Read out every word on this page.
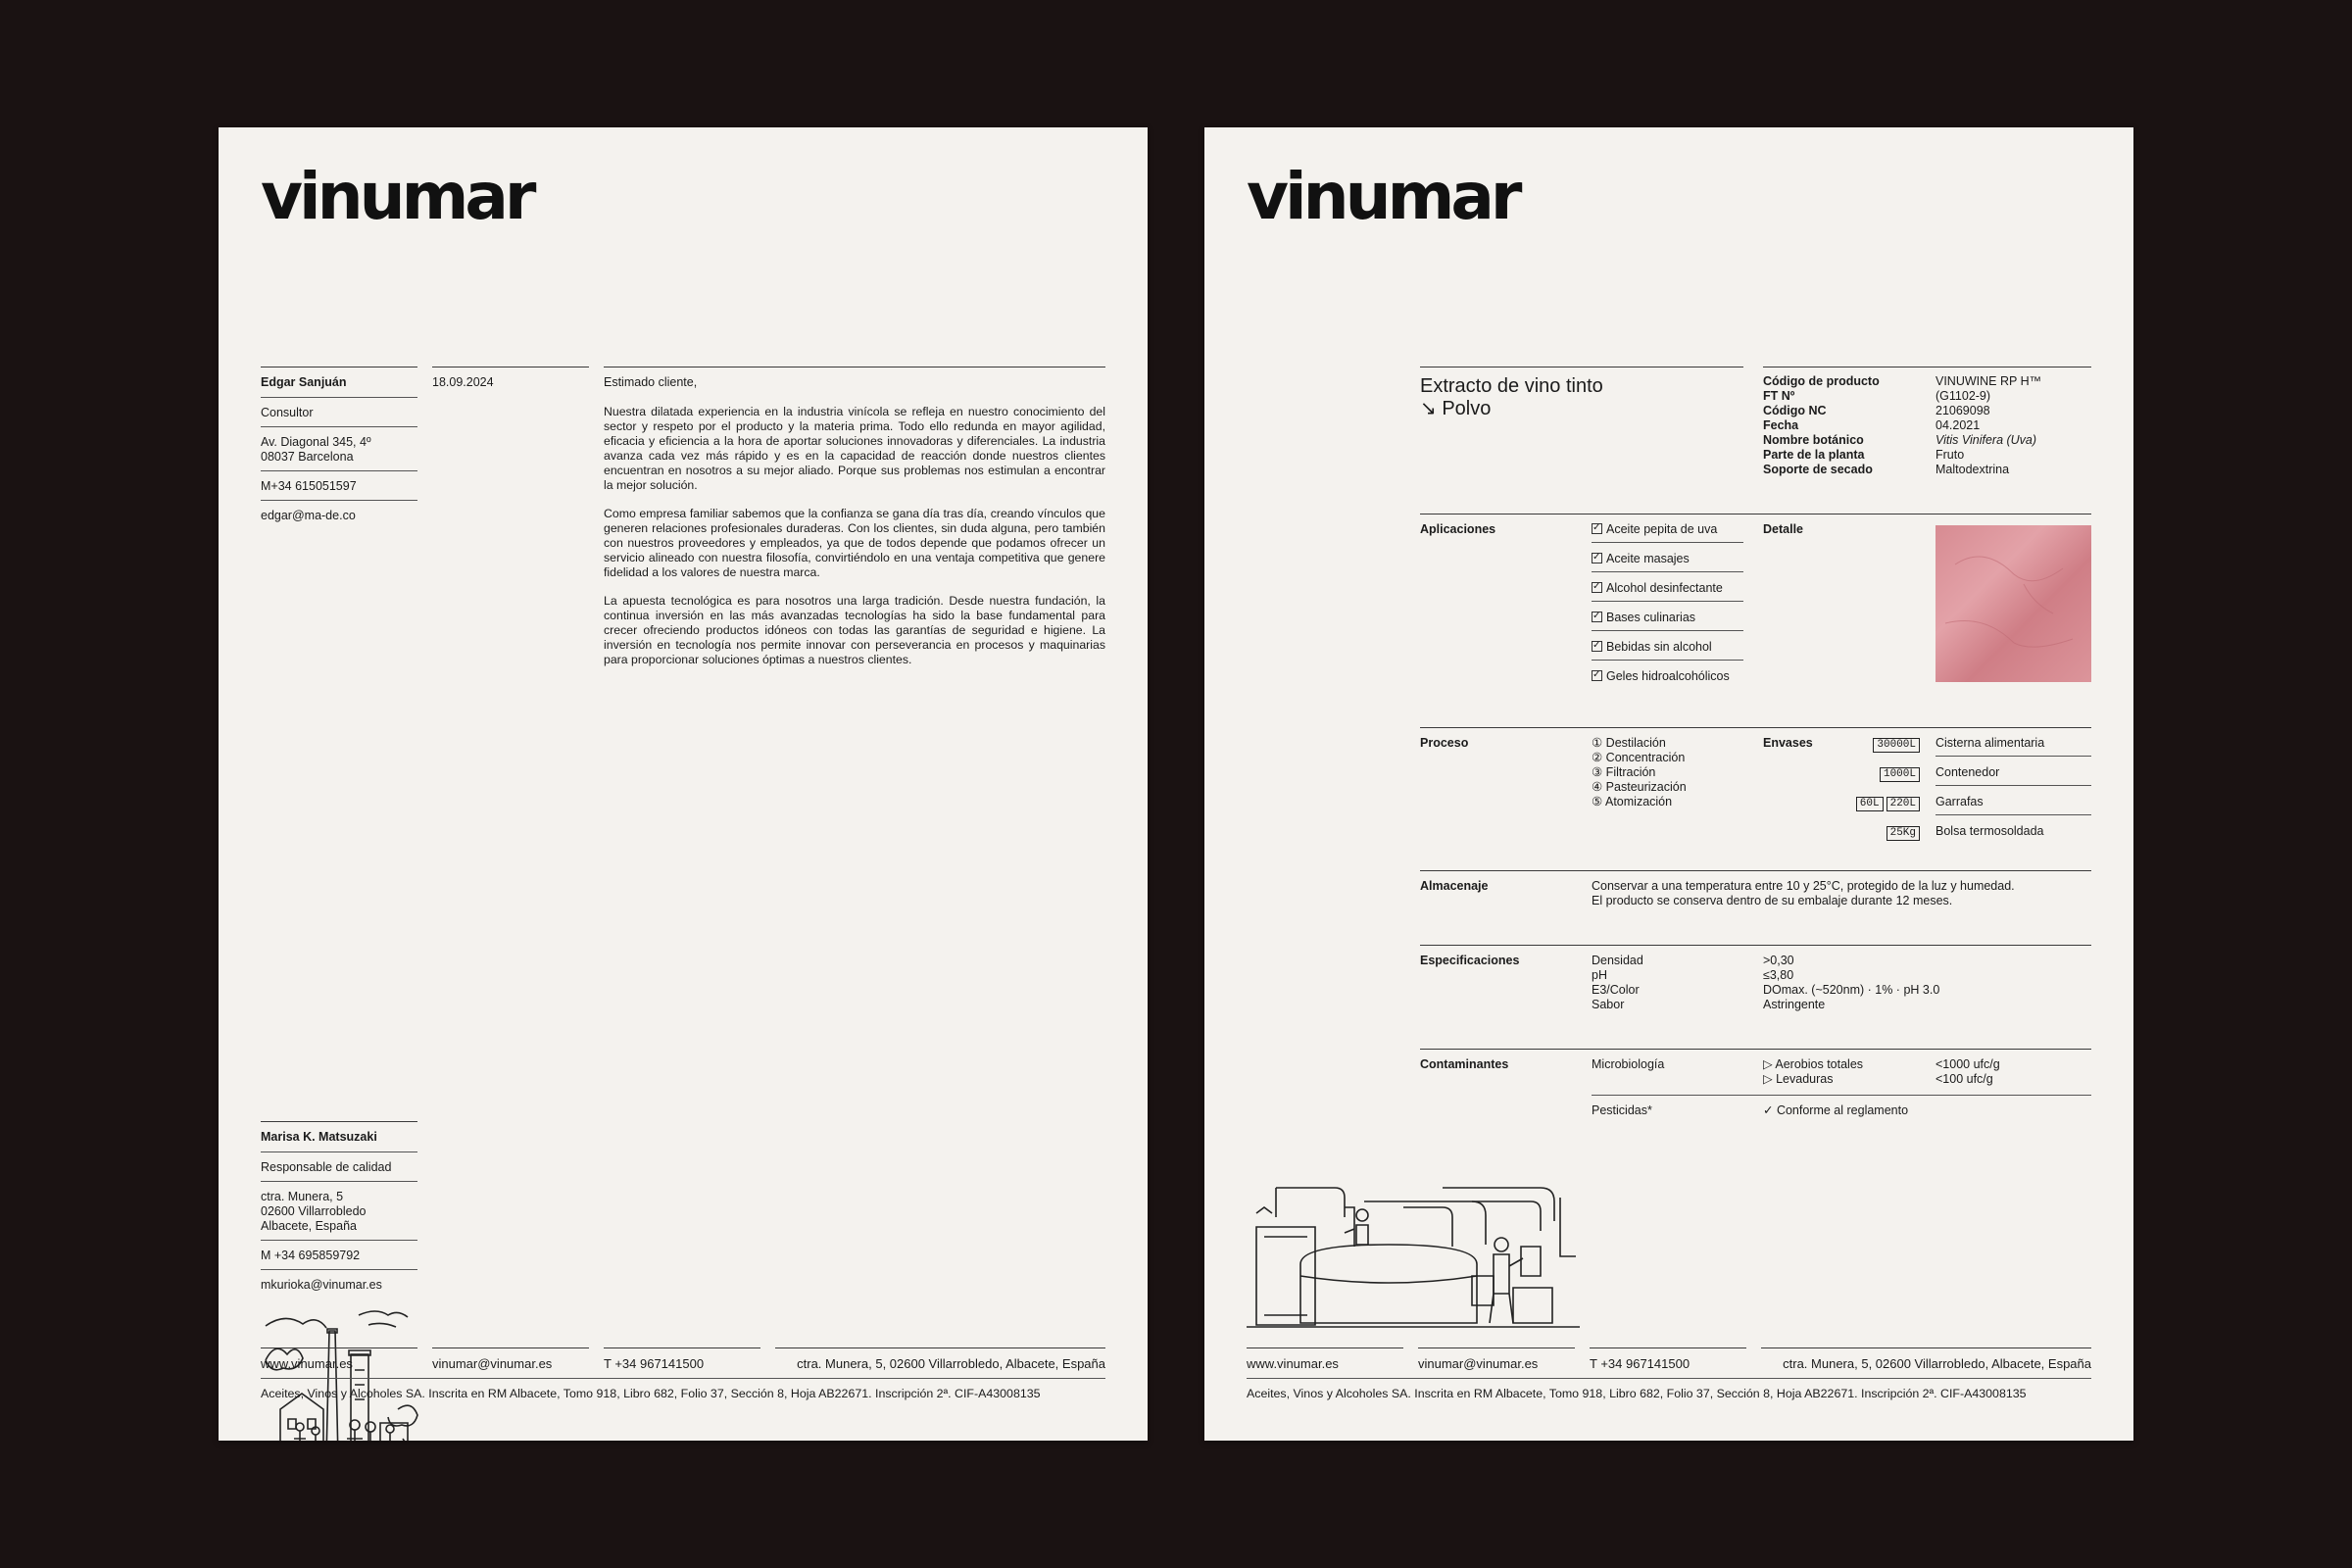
vinumar
Edgar Sanjuán
Consultor
Av. Diagonal 345, 4º
08037 Barcelona
M+34 615051597
edgar@ma-de.co
18.09.2024	Estimado cliente,

Nuestra dilatada experiencia en la industria vinícola se refleja en nuestro conocimiento del sector y respeto por el producto y la materia prima. Todo ello redunda en mayor agilidad, eficacia y eficiencia a la hora de aportar soluciones innovadoras y diferenciales. La industria avanza cada vez más rápido y es en la capacidad de reacción donde nuestros clientes encuentran en nosotros a su mejor aliado. Porque sus problemas nos estimulan a encontrar la mejor solución.

Como empresa familiar sabemos que la confianza se gana día tras día, creando vínculos que generen relaciones profesionales duraderas. Con los clientes, sin duda alguna, pero también con nuestros proveedores y empleados, ya que de todos depende que podamos ofrecer un servicio alineado con nuestra filosofía, convirtiéndolo en una ventaja competitiva que genere fidelidad a los valores de nuestra marca.

La apuesta tecnológica es para nosotros una larga tradición. Desde nuestra fundación, la continua inversión en las más avanzadas tecnologías ha sido la base fundamental para crecer ofreciendo productos idóneos con todas las garantías de seguridad e higiene. La inversión en tecnología nos permite innovar con perseverancia en procesos y maquinarias para proporcionar soluciones óptimas a nuestros clientes.

Marisa K. Matsuzaki
Responsable de calidad
ctra. Munera, 5
02600 Villarrobledo
Albacete, España
M +34 695859792
mkurioka@vinumar.es
www.vinumar.es	vinumar@vinumar.es	T +34 967141500	ctra. Munera, 5, 02600 Villarrobledo, Albacete, España
Aceites, Vinos y Alcoholes SA. Inscrita en RM Albacete, Tomo 918, Libro 682, Folio 37, Sección 8, Hoja AB22671. Inscripción 2ª. CIF-A43008135
vinumar
Extracto de vino tinto
↘ Polvo
Código de producto	VINUWINE RP H™
FT Nº	(G1102-9)
Código NC	21069098
Fecha	04.2021
Nombre botánico	Vitis Vinifera (Uva)
Parte de la planta	Fruto
Soporte de secado	Maltodextrina
Aplicaciones
✓	Aceite pepita de uva
✓Aceite masajes
✓Alcohol desinfectante
✓Bases culinarias
✓Bebidas sin alcohol
✓Geles hidroalcohólicos
Detalle
Proceso	① Destilación
② Concentración
③ Filtración
④ Pasteurización
⑤ Atomización
Envases	30000L
1000L
60L 220L
25Kg
Cisterna alimentaria
Contenedor
Garrafas
Bolsa termosoldada
Almacenaje	Conservar a una temperatura entre 10 y 25°C, protegido de la luz y humedad.
El producto se conserva dentro de su embalaje durante 12 meses.
Especificaciones	Densidad	>0,30
pH	≤3,80
E3/Color	DOmax. (~520nm) · 1% · pH 3.0
Sabor	Astringente
Contaminantes	Microbiología	▷ Aerobios totales
▷ Levaduras
<1000 ufc/g
<100 ufc/g
Pesticidas*	✓ Conforme al reglamento
www.vinumar.es	vinumar@vinumar.es	T +34 967141500	ctra. Munera, 5, 02600 Villarrobledo, Albacete, España
Aceites, Vinos y Alcoholes SA. Inscrita en RM Albacete, Tomo 918, Libro 682, Folio 37, Sección 8, Hoja AB22671. Inscripción 2ª. CIF-A43008135
